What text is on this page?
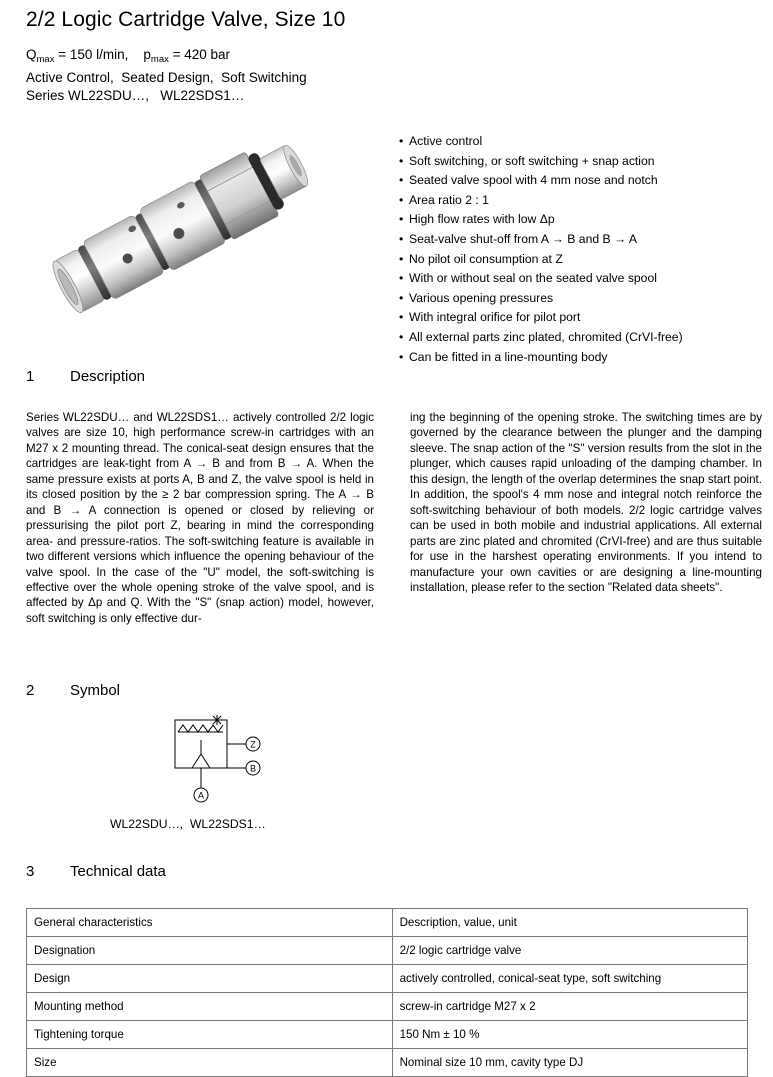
2/2 Logic Cartridge Valve, Size 10
$Q_{max} = 150$ l/min,    $p_{max} = 420$ bar
Active Control,  Seated Design,  Soft Switching
Series WL22SDU…,   WL22SDS1…
• Active control
• Soft switching, or soft switching + snap action
• Seated valve spool with 4 mm nose and notch
• Area ratio 2 : 1
• High flow rates with low Δp
• Seat-valve shut-off from A → B and B → A
• No pilot oil consumption at Z
• With or without seal on the seated valve spool
• Various opening pressures
• With integral orifice for pilot port
• All external parts zinc plated, chromited (CrVI-free)
• Can be fitted in a line-mounting body
1 Description
Series WL22SDU… and WL22SDS1… actively controlled 2/2 logic valves are size 10, high performance screw-in cartridges with an M27 x 2 mounting thread. The conical-seat design ensures that the cartridges are leak-tight from A → B and from B → A. When the same pressure exists at ports A, B and Z, the valve spool is held in its closed position by the ≥ 2 bar compression spring. The A → B and B → A connection is opened or closed by relieving or pressurising the pilot port Z, bearing in mind the corresponding area- and pressure-ratios. The soft-switching feature is available in two different versions which influence the opening behaviour of the valve spool. In the case of the "U" model, the soft-switching is effective over the whole opening stroke of the valve spool, and is affected by Δp and Q. With the "S" (snap action) model, however, soft switching is only effective dur-
ing the beginning of the opening stroke. The switching times are by governed by the clearance between the plunger and the damping sleeve. The snap action of the "S" version results from the slot in the plunger, which causes rapid unloading of the damping chamber. In this design, the length of the overlap determines the snap start point. In addition, the spool's 4 mm nose and integral notch reinforce the soft-switching behaviour of both models. 2/2 logic cartridge valves can be used in both mobile and industrial applications. All external parts are zinc plated and chromited (CrVI-free) and are thus suitable for use in the harshest operating environments. If you intend to manufacture your own cavities or are designing a line-mounting installation, please refer to the section "Related data sheets".
2 Symbol
Z
B
A
WL22SDU…,  WL22SDS1…
3 Technical data
General characteristics	Description, value, unit
Designation	2/2 logic cartridge valve
Design	actively controlled, conical-seat type, soft switching
Mounting method	screw-in cartridge M27 x 2
Tightening torque	150 Nm ± 10 %
Size	Nominal size 10 mm, cavity type DJ
